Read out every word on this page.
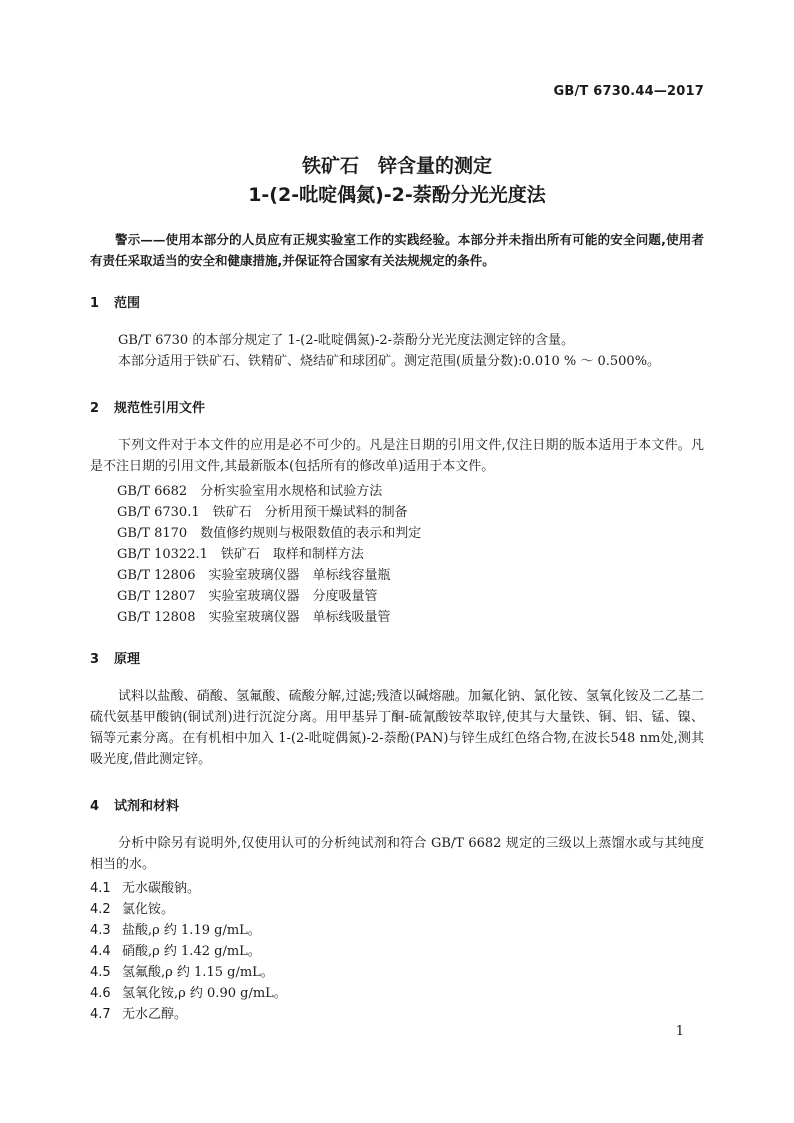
GB/T 6730.44—2017
铁矿石　锌含量的测定
1-(2-吡啶偶氮)-2-萘酚分光光度法
警示——使用本部分的人员应有正规实验室工作的实践经验。本部分并未指出所有可能的安全问题,使用者有责任采取适当的安全和健康措施,并保证符合国家有关法规规定的条件。
1 范围
GB/T 6730 的本部分规定了 1-(2-吡啶偶氮)-2-萘酚分光光度法测定锌的含量。
本部分适用于铁矿石、铁精矿、烧结矿和球团矿。测定范围(质量分数):0.010 % ～ 0.500%。
2 规范性引用文件
下列文件对于本文件的应用是必不可少的。凡是注日期的引用文件,仅注日期的版本适用于本文件。凡是不注日期的引用文件,其最新版本(包括所有的修改单)适用于本文件。
GB/T 6682　分析实验室用水规格和试验方法
GB/T 6730.1　铁矿石　分析用预干燥试料的制备
GB/T 8170　数值修约规则与极限数值的表示和判定
GB/T 10322.1　铁矿石　取样和制样方法
GB/T 12806　实验室玻璃仪器　单标线容量瓶
GB/T 12807　实验室玻璃仪器　分度吸量管
GB/T 12808　实验室玻璃仪器　单标线吸量管
3 原理
试料以盐酸、硝酸、氢氟酸、硫酸分解,过滤;残渣以碱熔融。加氟化钠、氯化铵、氢氧化铵及二乙基二硫代氨基甲酸钠(铜试剂)进行沉淀分离。用甲基异丁酮-硫氰酸铵萃取锌,使其与大量铁、铜、铝、锰、镍、镉等元素分离。在有机相中加入 1-(2-吡啶偶氮)-2-萘酚(PAN)与锌生成红色络合物,在波长548 nm处,测其吸光度,借此测定锌。
4 试剂和材料
分析中除另有说明外,仅使用认可的分析纯试剂和符合 GB/T 6682 规定的三级以上蒸馏水或与其纯度相当的水。
4.1 无水碳酸钠。
4.2 氯化铵。
4.3 盐酸,ρ 约 1.19 g/mL。
4.4 硝酸,ρ 约 1.42 g/mL。
4.5 氢氟酸,ρ 约 1.15 g/mL。
4.6 氢氧化铵,ρ 约 0.90 g/mL。
4.7 无水乙醇。
1
